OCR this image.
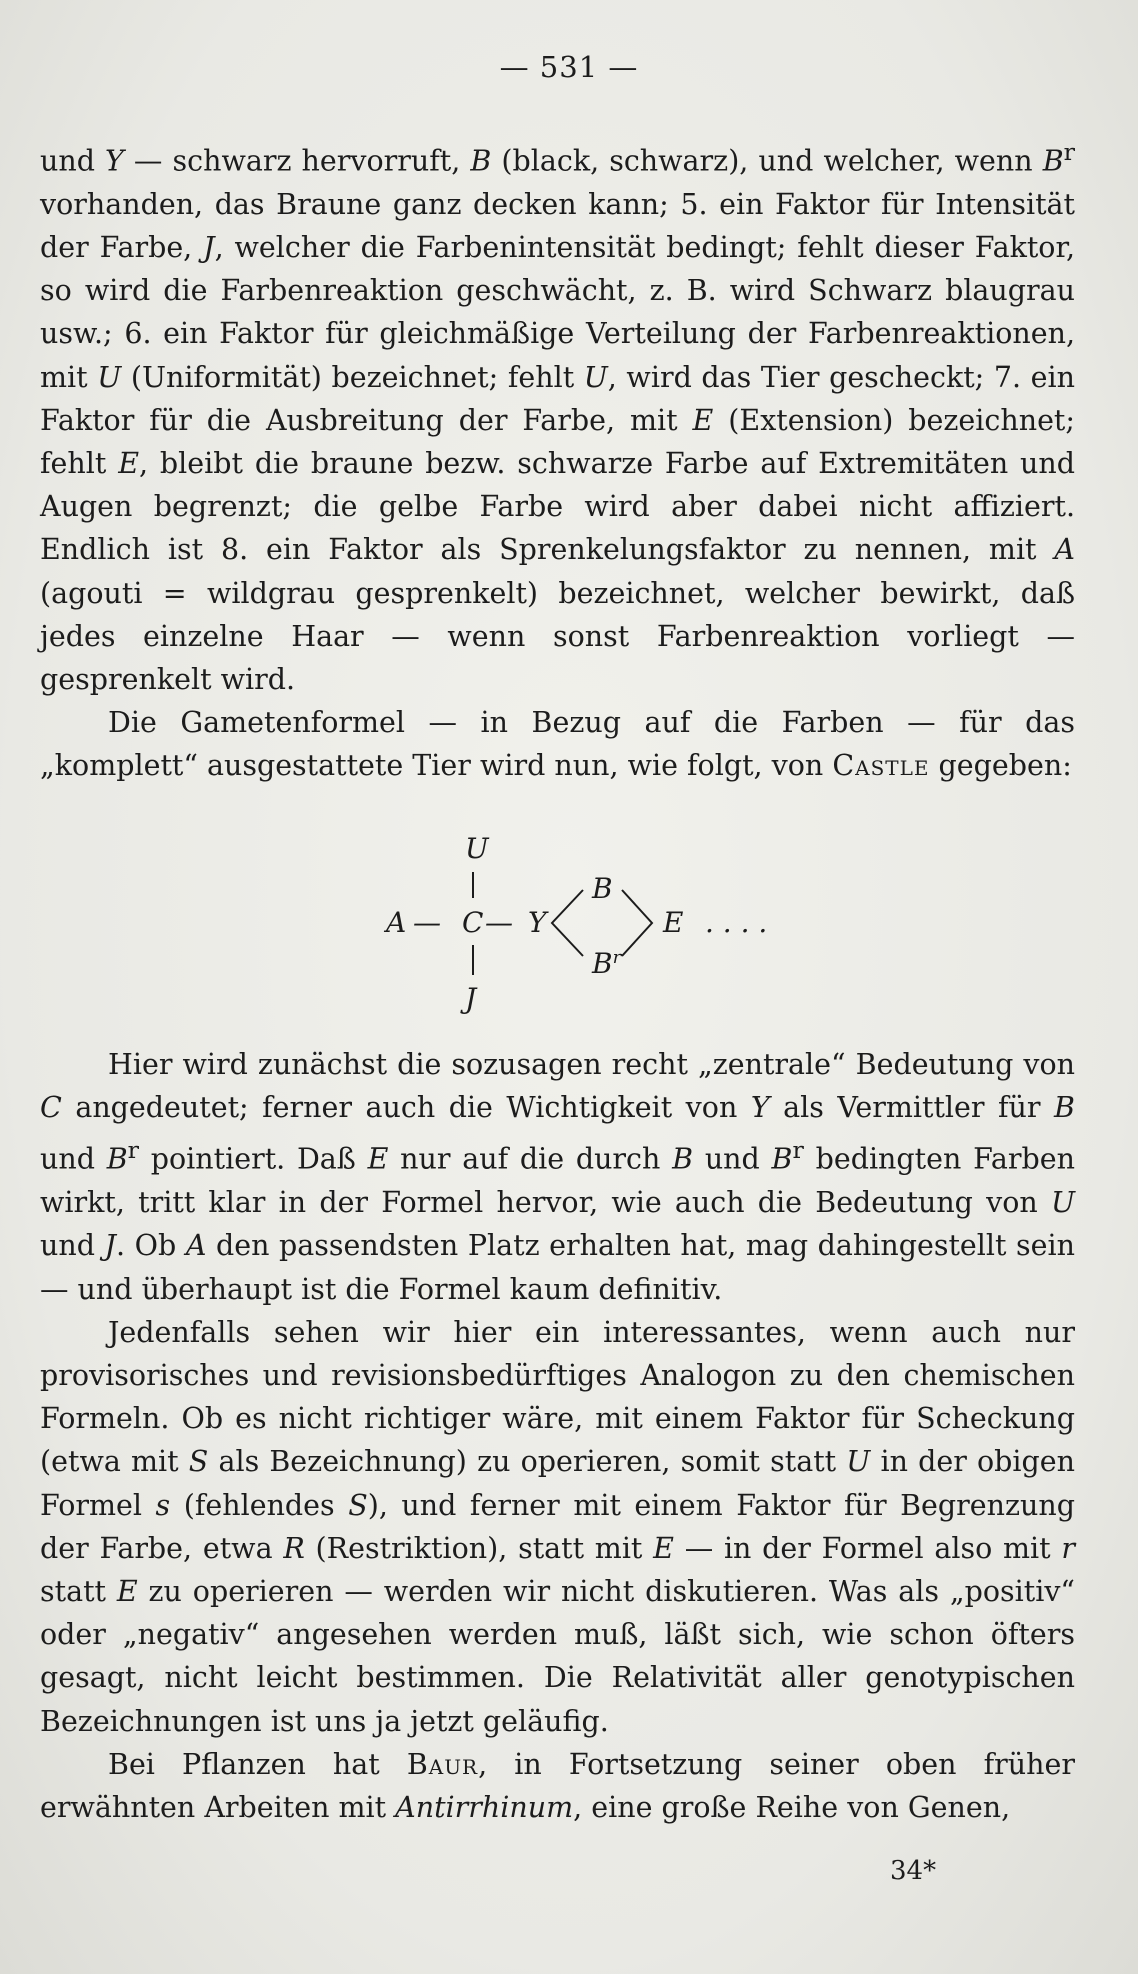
— 531 —

und Y — schwarz hervorruft, B (black, schwarz), und welcher, wenn $B^r$ vorhanden, das Braune ganz decken kann; 5. ein Faktor für Intensität der Farbe, J, welcher die Farbenintensität bedingt; fehlt dieser Faktor, so wird die Farbenreaktion geschwächt, z. B. wird Schwarz blaugrau usw.; 6. ein Faktor für gleichmäßige Verteilung der Farbenreaktionen, mit U (Uniformität) bezeichnet; fehlt U, wird das Tier gescheckt; 7. ein Faktor für die Ausbreitung der Farbe, mit E (Extension) bezeichnet; fehlt E, bleibt die braune bezw. schwarze Farbe auf Extremitäten und Augen begrenzt; die gelbe Farbe wird aber dabei nicht affiziert. Endlich ist 8. ein Faktor als Sprenkelungsfaktor zu nennen, mit A (agouti = wildgrau gesprenkelt) bezeichnet, welcher bewirkt, daß jedes einzelne Haar — wenn sonst Farbenreaktion vorliegt — gesprenkelt wird.

Die Gametenformel — in Bezug auf die Farben — für das „komplett“ ausgestattete Tier wird nun, wie folgt, von Castle gegeben:

U
A — C — Y
B
$B^r$
E . . . .
J

Hier wird zunächst die sozusagen recht „zentrale“ Bedeutung von C angedeutet; ferner auch die Wichtigkeit von Y als Vermittler für B und $B^r$ pointiert. Daß E nur auf die durch B und $B^r$ bedingten Farben wirkt, tritt klar in der Formel hervor, wie auch die Bedeutung von U und J. Ob A den passendsten Platz erhalten hat, mag dahingestellt sein — und überhaupt ist die Formel kaum definitiv.

Jedenfalls sehen wir hier ein interessantes, wenn auch nur provisorisches und revisionsbedürftiges Analogon zu den chemischen Formeln. Ob es nicht richtiger wäre, mit einem Faktor für Scheckung (etwa mit S als Bezeichnung) zu operieren, somit statt U in der obigen Formel s (fehlendes S), und ferner mit einem Faktor für Begrenzung der Farbe, etwa R (Restriktion), statt mit E — in der Formel also mit r statt E zu operieren — werden wir nicht diskutieren. Was als „positiv“ oder „negativ“ angesehen werden muß, läßt sich, wie schon öfters gesagt, nicht leicht bestimmen. Die Relativität aller genotypischen Bezeichnungen ist uns ja jetzt geläufig.

Bei Pflanzen hat Baur, in Fortsetzung seiner oben früher erwähnten Arbeiten mit Antirrhinum, eine große Reihe von Genen,

34*
